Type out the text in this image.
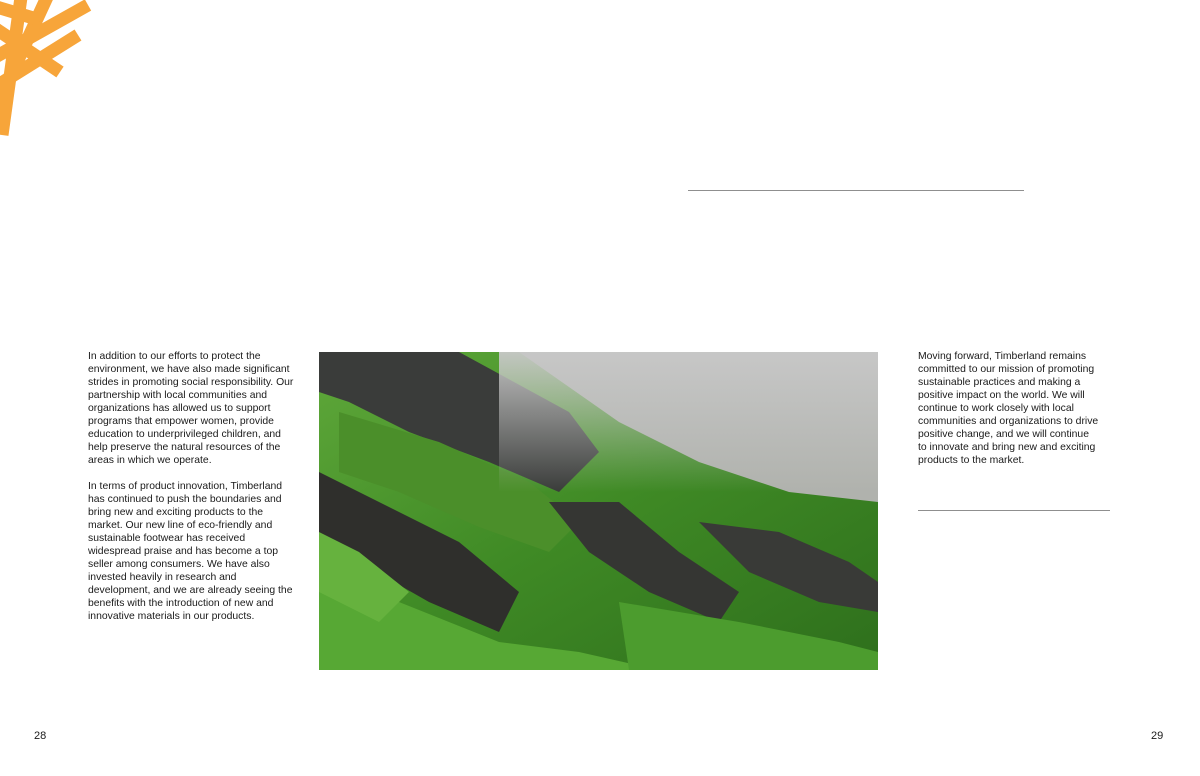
In addition to our efforts to protect the environment, we have also made significant strides in promoting social responsibility. Our partnership with local communities and organizations has allowed us to support programs that empower women, provide education to underprivileged children, and help preserve the natural resources of the areas in which we operate.

In terms of product innovation, Timberland has continued to push the boundaries and bring new and exciting products to the market. Our new line of eco-friendly and sustainable footwear has received widespread praise and has become a top seller among consumers. We have also invested heavily in research and development, and we are already seeing the benefits with the introduction of new and innovative materials in our products.

Moving forward, Timberland remains committed to our mission of promoting sustainable practices and making a positive impact on the world. We will continue to work closely with local communities and organizations to drive positive change, and we will continue to innovate and bring new and exciting products to the market.

28	29
